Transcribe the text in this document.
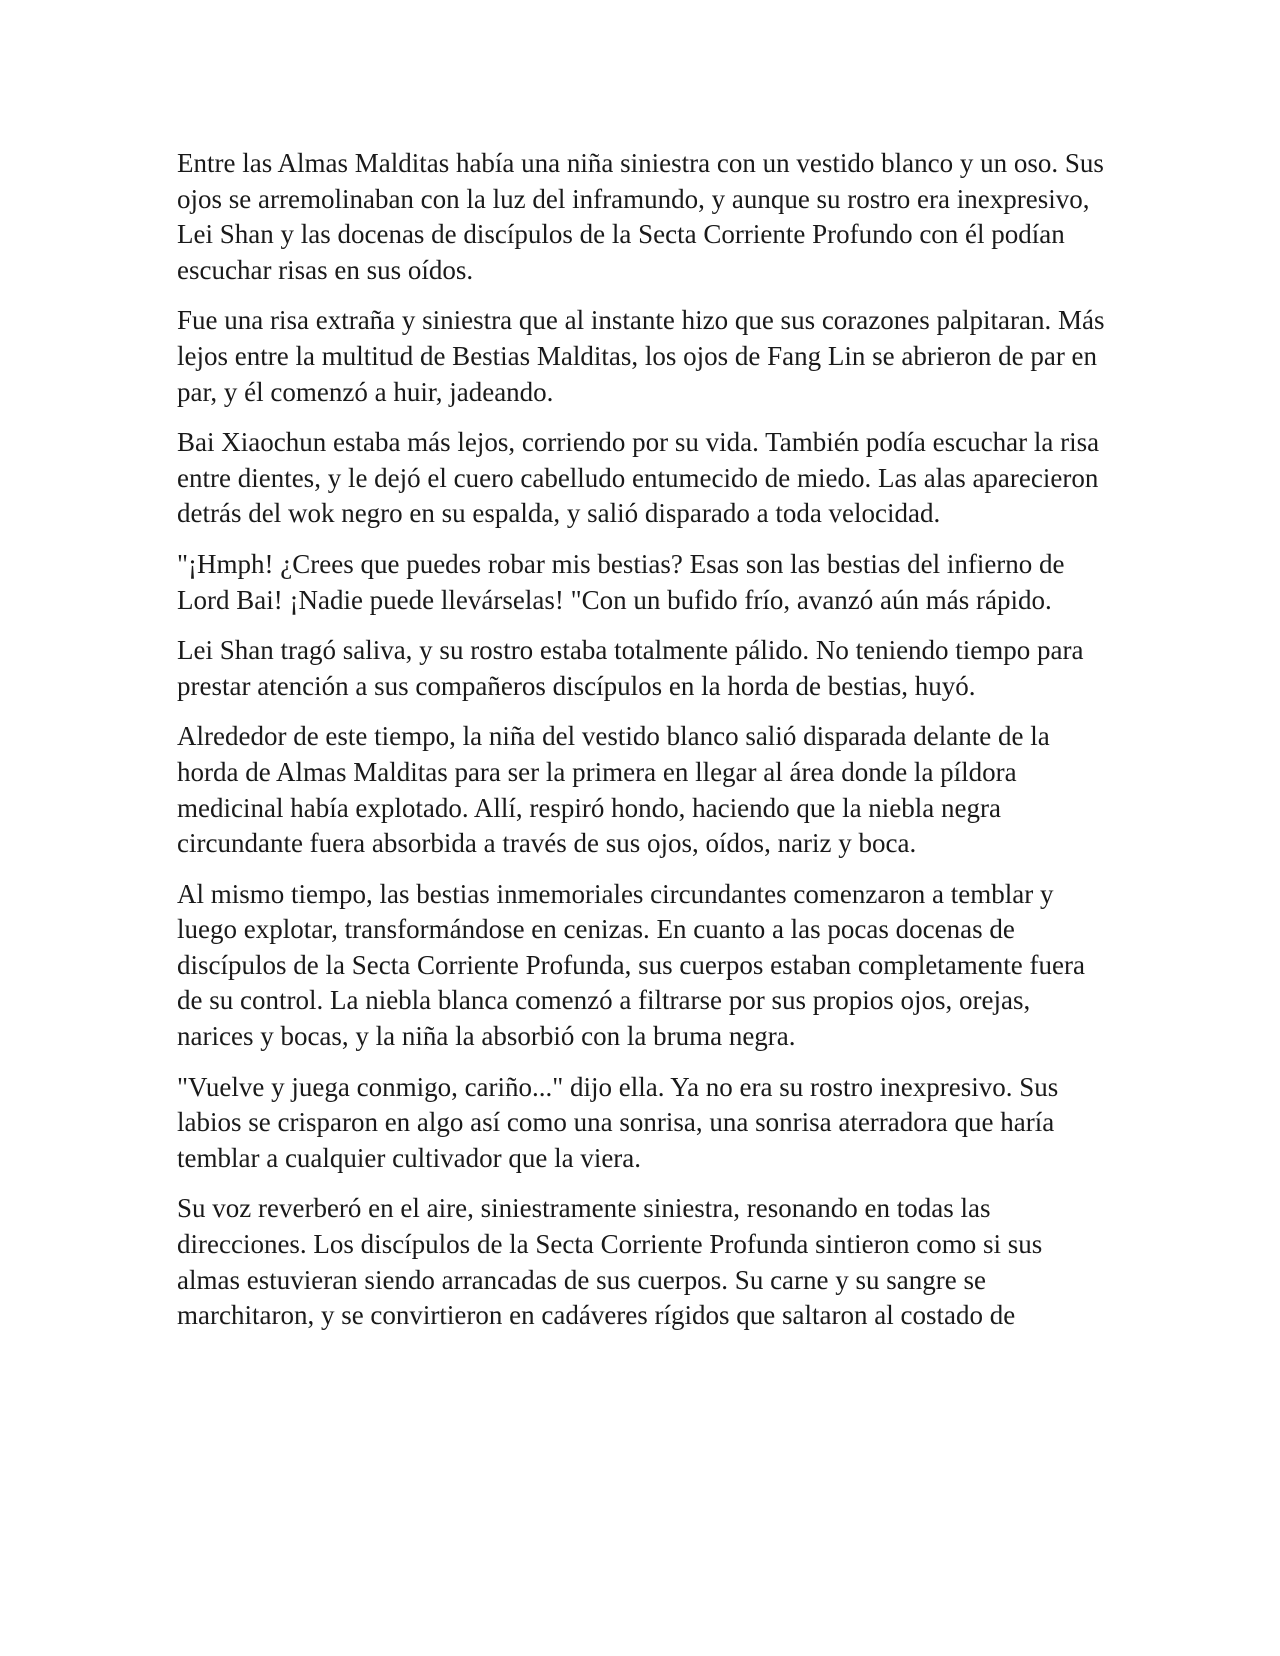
Entre las Almas Malditas había una niña siniestra con un vestido blanco y un oso. Sus ojos se arremolinaban con la luz del inframundo, y aunque su rostro era inexpresivo, Lei Shan y las docenas de discípulos de la Secta Corriente Profundo con él podían escuchar risas en sus oídos.

Fue una risa extraña y siniestra que al instante hizo que sus corazones palpitaran. Más lejos entre la multitud de Bestias Malditas, los ojos de Fang Lin se abrieron de par en par, y él comenzó a huir, jadeando.

Bai Xiaochun estaba más lejos, corriendo por su vida. También podía escuchar la risa entre dientes, y le dejó el cuero cabelludo entumecido de miedo. Las alas aparecieron detrás del wok negro en su espalda, y salió disparado a toda velocidad.

"¡Hmph! ¿Crees que puedes robar mis bestias? Esas son las bestias del infierno de Lord Bai! ¡Nadie puede llevárselas! "Con un bufido frío, avanzó aún más rápido.

Lei Shan tragó saliva, y su rostro estaba totalmente pálido. No teniendo tiempo para prestar atención a sus compañeros discípulos en la horda de bestias, huyó.

Alrededor de este tiempo, la niña del vestido blanco salió disparada delante de la horda de Almas Malditas para ser la primera en llegar al área donde la píldora medicinal había explotado. Allí, respiró hondo, haciendo que la niebla negra circundante fuera absorbida a través de sus ojos, oídos, nariz y boca.

Al mismo tiempo, las bestias inmemoriales circundantes comenzaron a temblar y luego explotar, transformándose en cenizas. En cuanto a las pocas docenas de discípulos de la Secta Corriente Profunda, sus cuerpos estaban completamente fuera de su control. La niebla blanca comenzó a filtrarse por sus propios ojos, orejas, narices y bocas, y la niña la absorbió con la bruma negra.

"Vuelve y juega conmigo, cariño..." dijo ella. Ya no era su rostro inexpresivo. Sus labios se crisparon en algo así como una sonrisa, una sonrisa aterradora que haría temblar a cualquier cultivador que la viera.

Su voz reverberó en el aire, siniestramente siniestra, resonando en todas las direcciones. Los discípulos de la Secta Corriente Profunda sintieron como si sus almas estuvieran siendo arrancadas de sus cuerpos. Su carne y su sangre se marchitaron, y se convirtieron en cadáveres rígidos que saltaron al costado de
